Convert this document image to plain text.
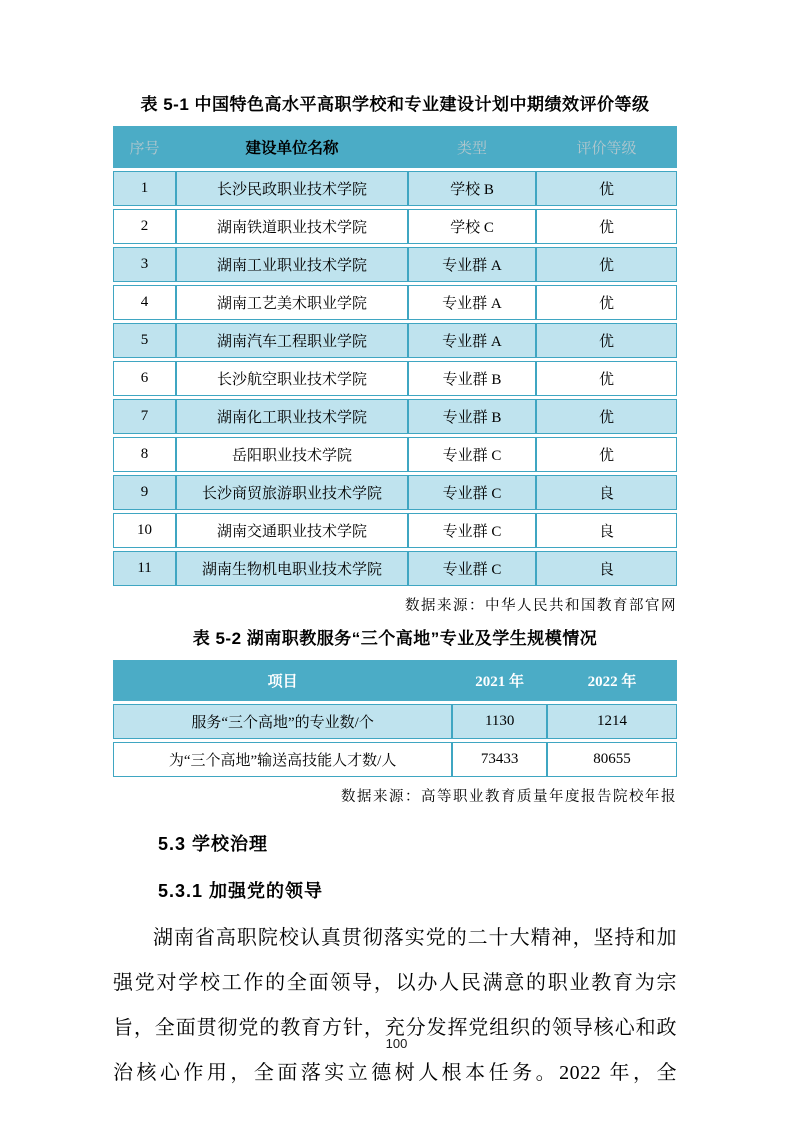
表 5-1 中国特色高水平高职学校和专业建设计划中期绩效评价等级
序号	建设单位名称	类型	评价等级
1	长沙民政职业技术学院	学校 B	优
2	湖南铁道职业技术学院	学校 C	优
3	湖南工业职业技术学院	专业群 A	优
4	湖南工艺美术职业学院	专业群 A	优
5	湖南汽车工程职业学院	专业群 A	优
6	长沙航空职业技术学院	专业群 B	优
7	湖南化工职业技术学院	专业群 B	优
8	岳阳职业技术学院	专业群 C	优
9	长沙商贸旅游职业技术学院	专业群 C	良
10	湖南交通职业技术学院	专业群 C	良
11	湖南生物机电职业技术学院	专业群 C	良
数据来源：中华人民共和国教育部官网
表 5-2 湖南职教服务“三个高地”专业及学生规模情况
项目	2021 年	2022 年
服务“三个高地”的专业数/个	1130	1214
为“三个高地”输送高技能人才数/人	73433	80655
数据来源：高等职业教育质量年度报告院校年报
5.3 学校治理
5.3.1 加强党的领导
湖南省高职院校认真贯彻落实党的二十大精神，坚持和加强党对学校工作的全面领导，以办人民满意的职业教育为宗旨，全面贯彻党的教育方针，充分发挥党组织的领导核心和政治核心作用，全面落实立德树人根本任务。2022 年，全
100
